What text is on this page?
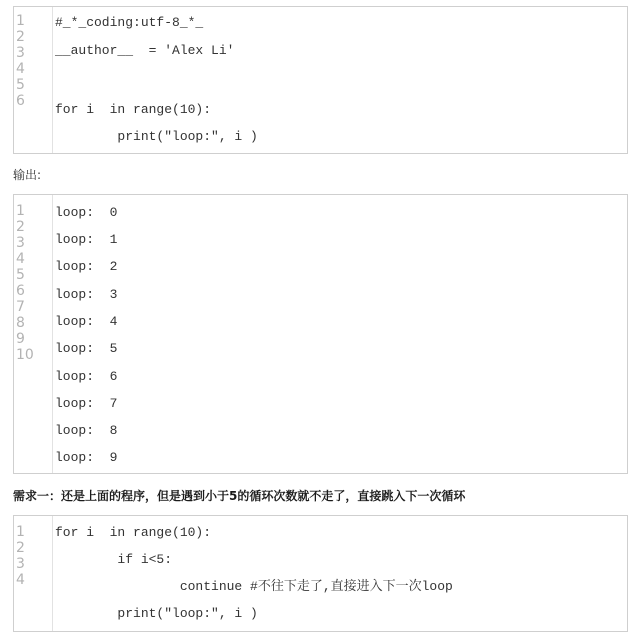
1
2
3
4
5
6
#_*_coding:utf-8_*_
__author__  = 'Alex Li'
for i  in range(10):
print("loop:", i )
输出:
1
2
3
4
5
6
7
8
9
10
loop:  0
loop:  1
loop:  2
loop:  3
loop:  4
loop:  5
loop:  6
loop:  7
loop:  8
loop:  9
需求一：还是上面的程序，但是遇到小于5的循环次数就不走了，直接跳入下一次循环
1
2
3
4
for i  in range(10):
if i<5:
continue #不往下走了,直接进入下一次loop
print("loop:", i )
